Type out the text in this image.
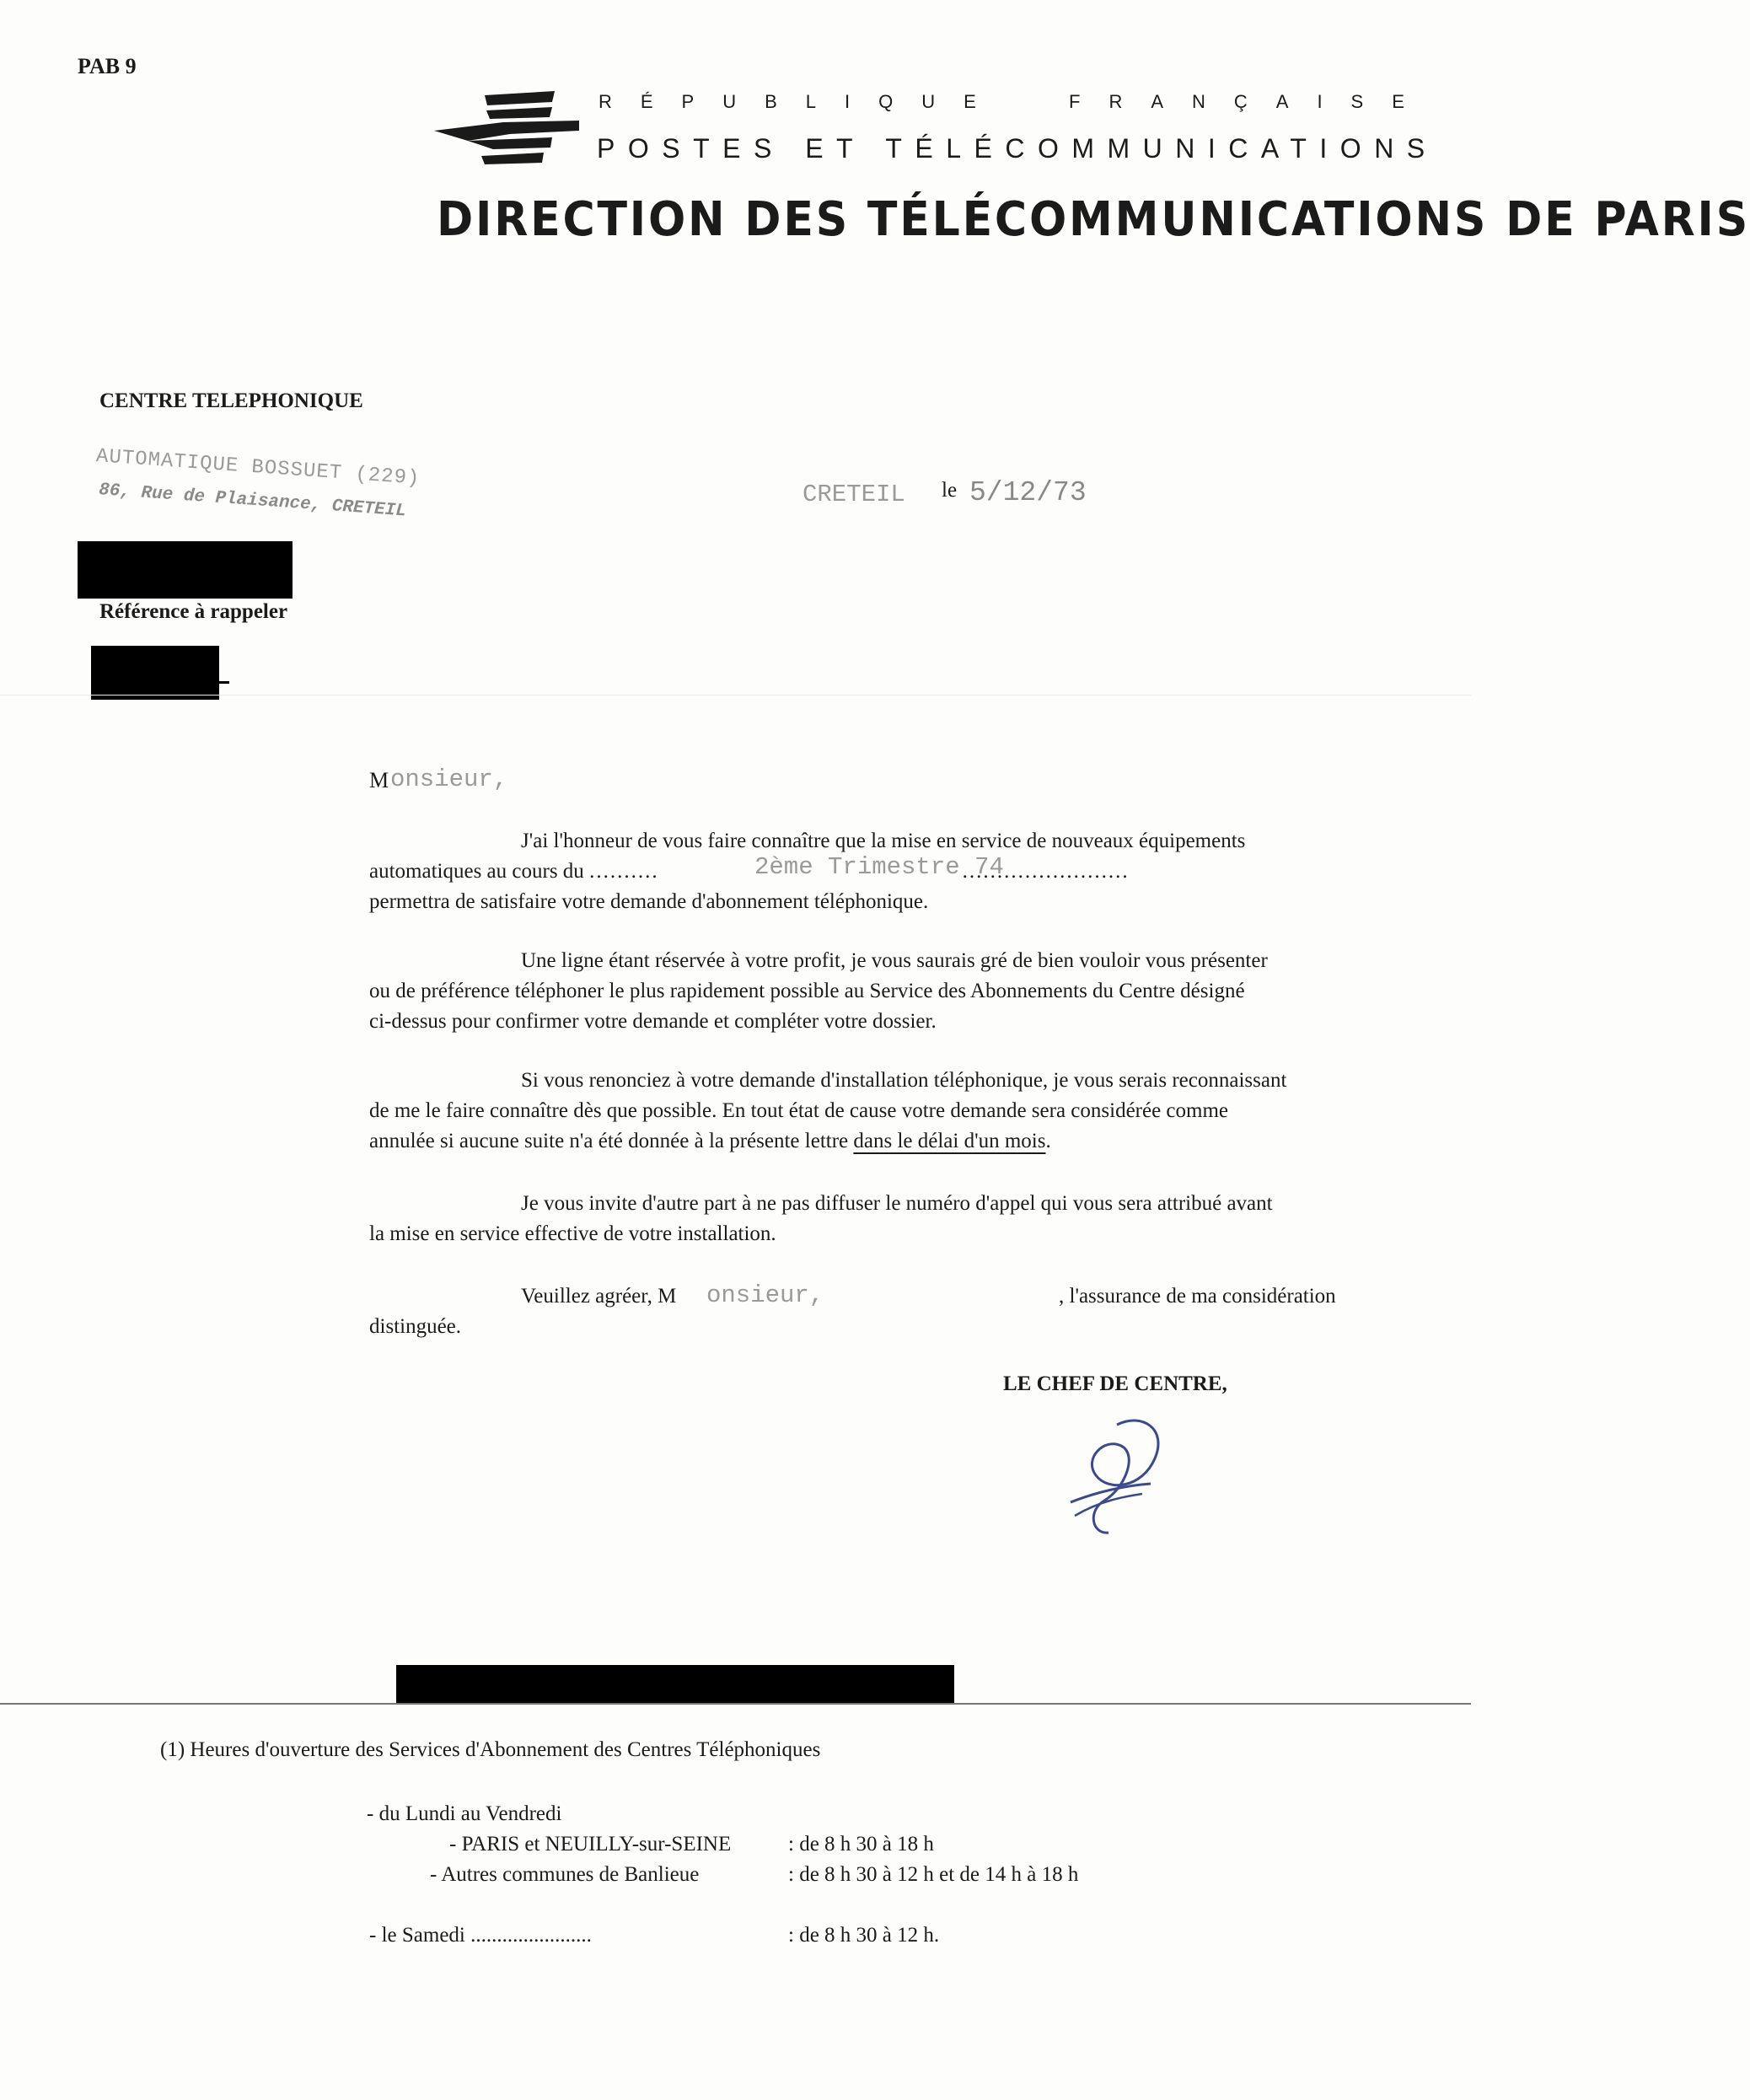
PAB 9
RÉPUBLIQUE	FRANÇAISE
POSTES ET TÉLÉCOMMUNICATIONS
DIRECTION DES TÉLÉCOMMUNICATIONS DE PARIS
CENTRE TELEPHONIQUE
AUTOMATIQUE BOSSUET (229)
86, Rue de Plaisance, CRETEIL	CRETEIL le 5/12/73
Référence à rappeler
M onsieur,
J'ai l'honneur de vous faire connaître que la mise en service de nouveaux équipements
automatiques au cours du ..........	........................
2ème Trimestre 74
permettra de satisfaire votre demande d'abonnement téléphonique.
Une ligne étant réservée à votre profit, je vous saurais gré de bien vouloir vous présenter
ou de préférence téléphoner le plus rapidement possible au Service des Abonnements du Centre désigné
ci-dessus pour confirmer votre demande et compléter votre dossier.
Si vous renonciez à votre demande d'installation téléphonique, je vous serais reconnaissant
de me le faire connaître dès que possible. En tout état de cause votre demande sera considérée comme
annulée si aucune suite n'a été donnée à la présente lettre dans le délai d'un mois.
Je vous invite d'autre part à ne pas diffuser le numéro d'appel qui vous sera attribué avant
la mise en service effective de votre installation.
Veuillez agréer, M onsieur,	, l'assurance de ma considération
distinguée.
LE CHEF DE CENTRE,
(1) Heures d'ouverture des Services d'Abonnement des Centres Téléphoniques
- du Lundi au Vendredi
- PARIS et NEUILLY-sur-SEINE	: de 8 h 30 à 18 h
- Autres communes de Banlieue	: de 8 h 30 à 12 h et de 14 h à 18 h
- le Samedi .......................	: de 8 h 30 à 12 h.
